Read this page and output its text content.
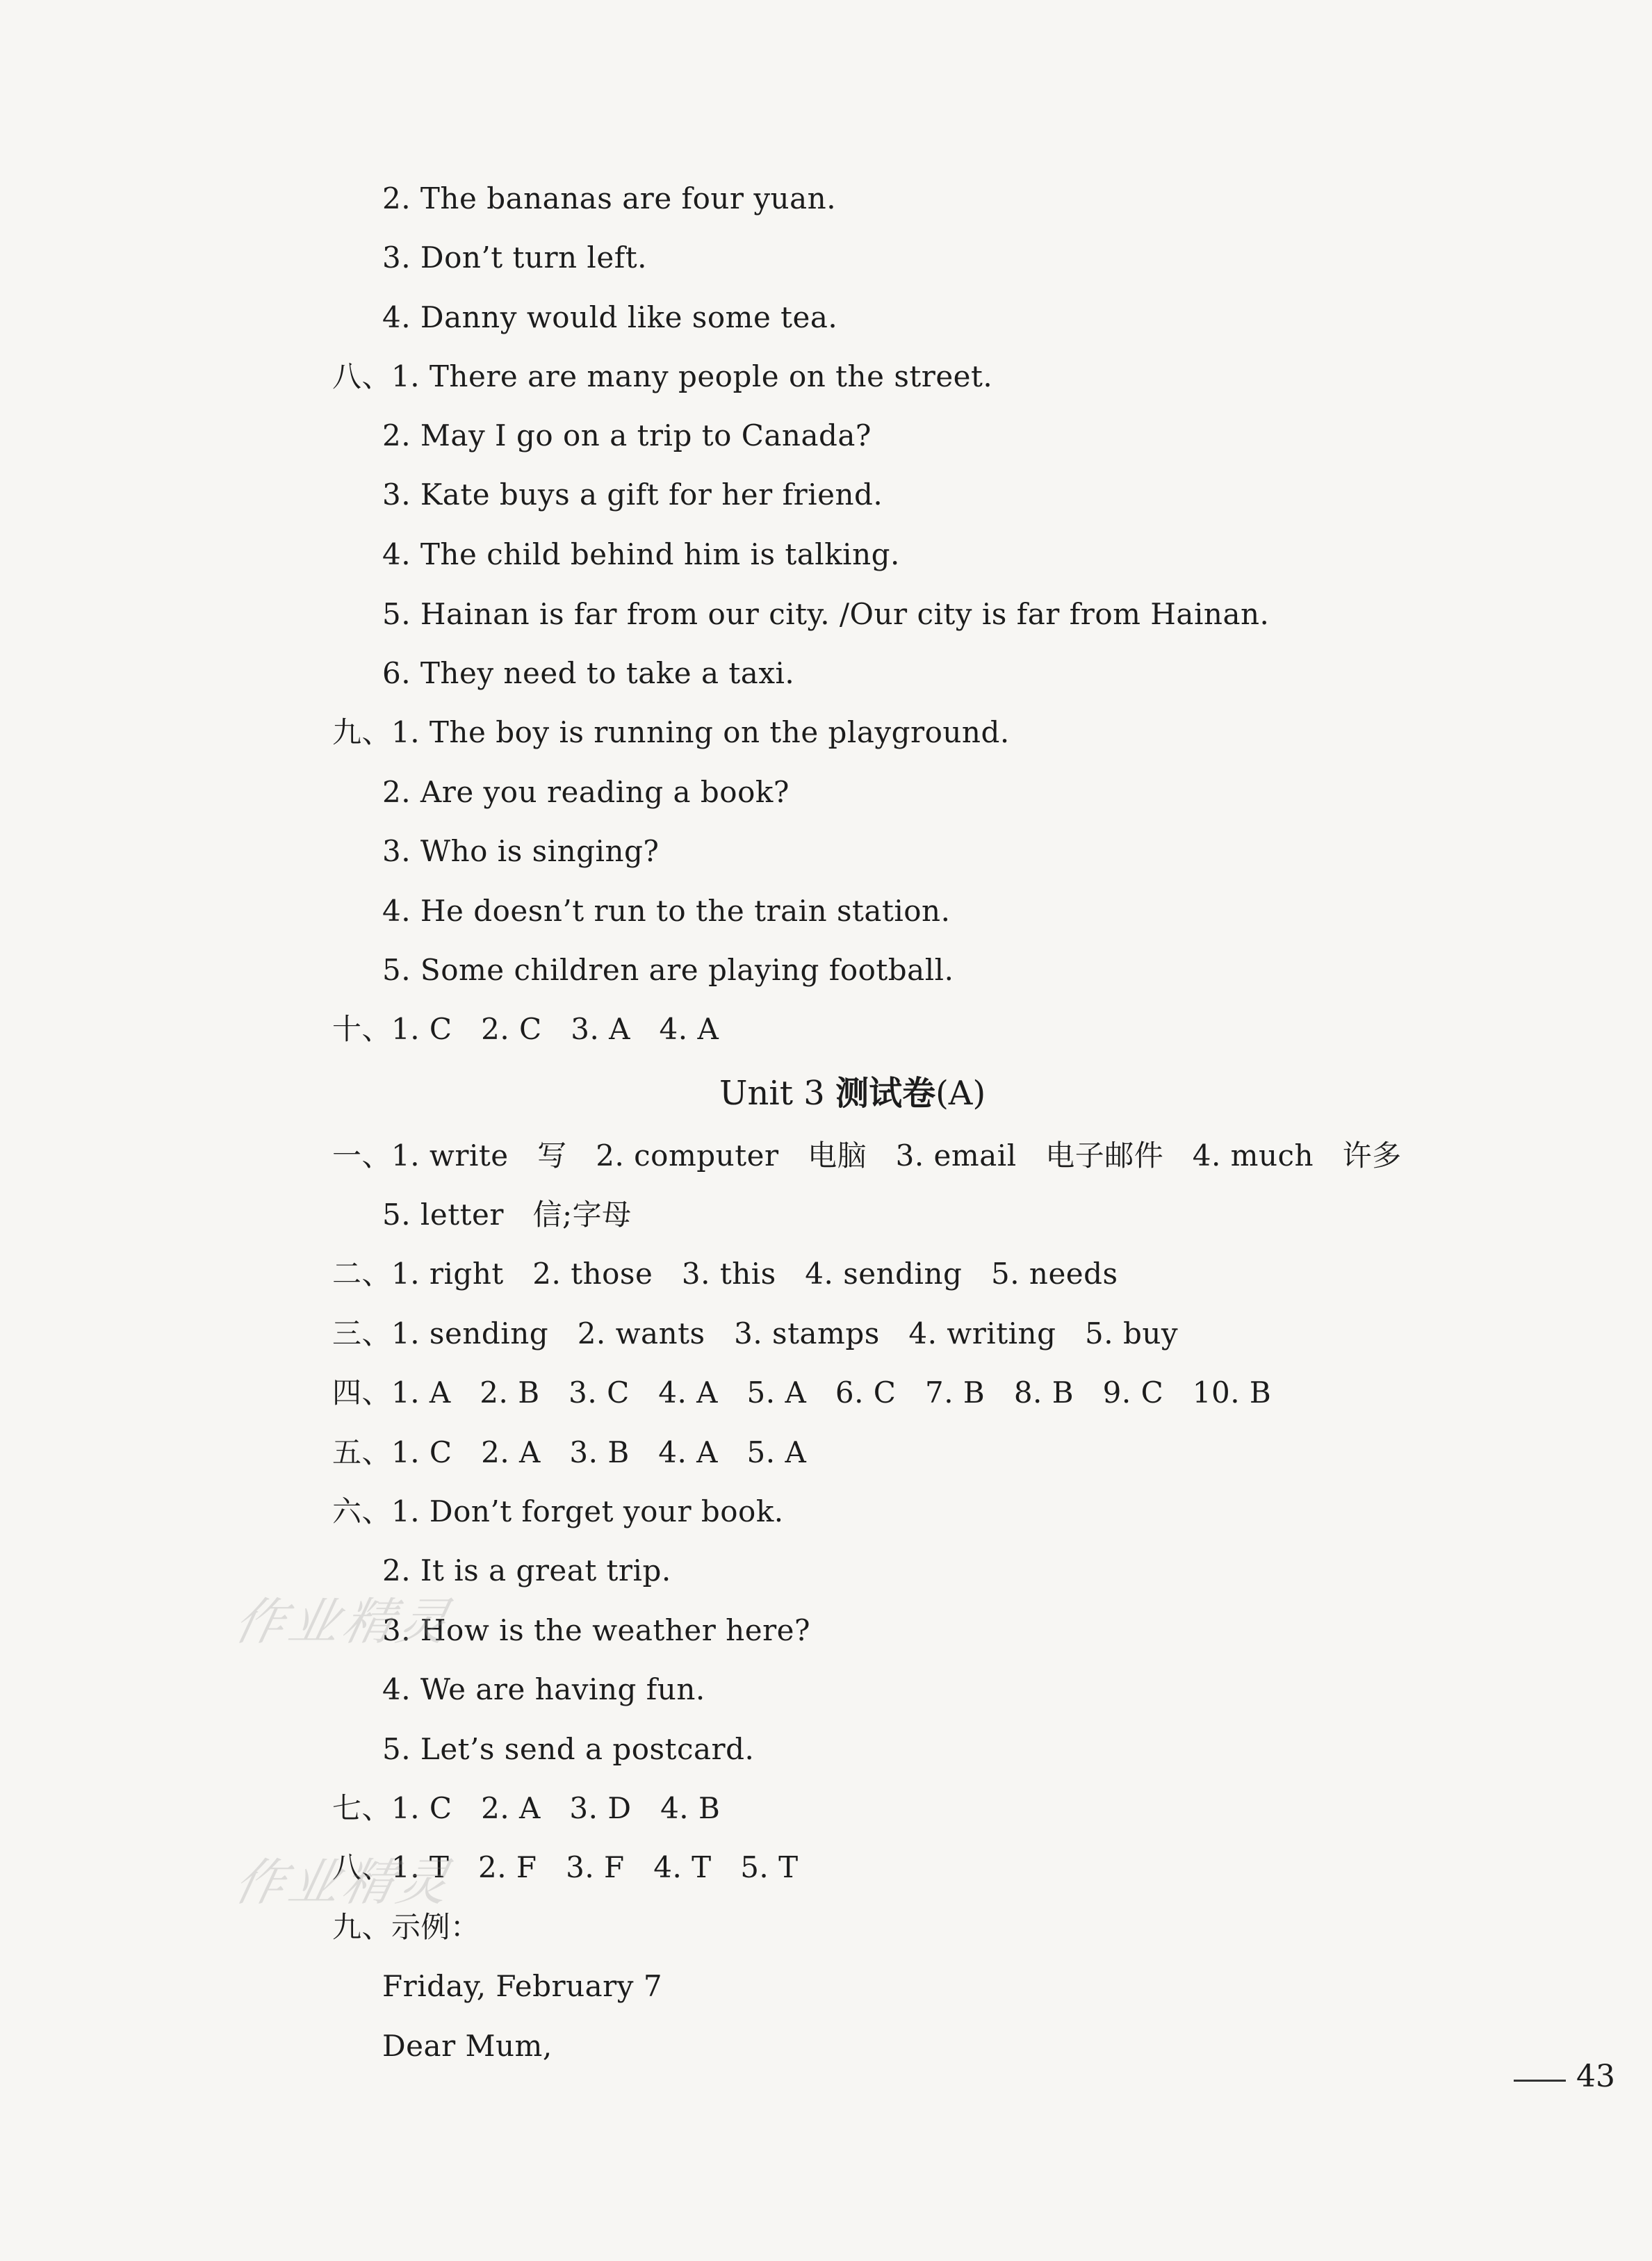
2. The bananas are four yuan.
3. Don’t turn left.
4. Danny would like some tea.
八、1. There are many people on the street.
2. May I go on a trip to Canada?
3. Kate buys a gift for her friend.
4. The child behind him is talking.
5. Hainan is far from our city. /Our city is far from Hainan.
6. They need to take a taxi.
九、1. The boy is running on the playground.
2. Are you reading a book?
3. Who is singing?
4. He doesn’t run to the train station.
5. Some children are playing football.
十、1. C   2. C   3. A   4. A
Unit 3 测试卷(A)
一、1. write   写   2. computer   电脑   3. email   电子邮件   4. much   许多
5. letter   信;字母
二、1. right   2. those   3. this   4. sending   5. needs
三、1. sending   2. wants   3. stamps   4. writing   5. buy
四、1. A   2. B   3. C   4. A   5. A   6. C   7. B   8. B   9. C   10. B
五、1. C   2. A   3. B   4. A   5. A
六、1. Don’t forget your book.
2. It is a great trip.
3. How is the weather here?
4. We are having fun.
5. Let’s send a postcard.
七、1. C   2. A   3. D   4. B
八、1. T   2. F   3. F   4. T   5. T
九、示例：
Friday, February 7
Dear Mum,
作业精灵
作业精灵
43
